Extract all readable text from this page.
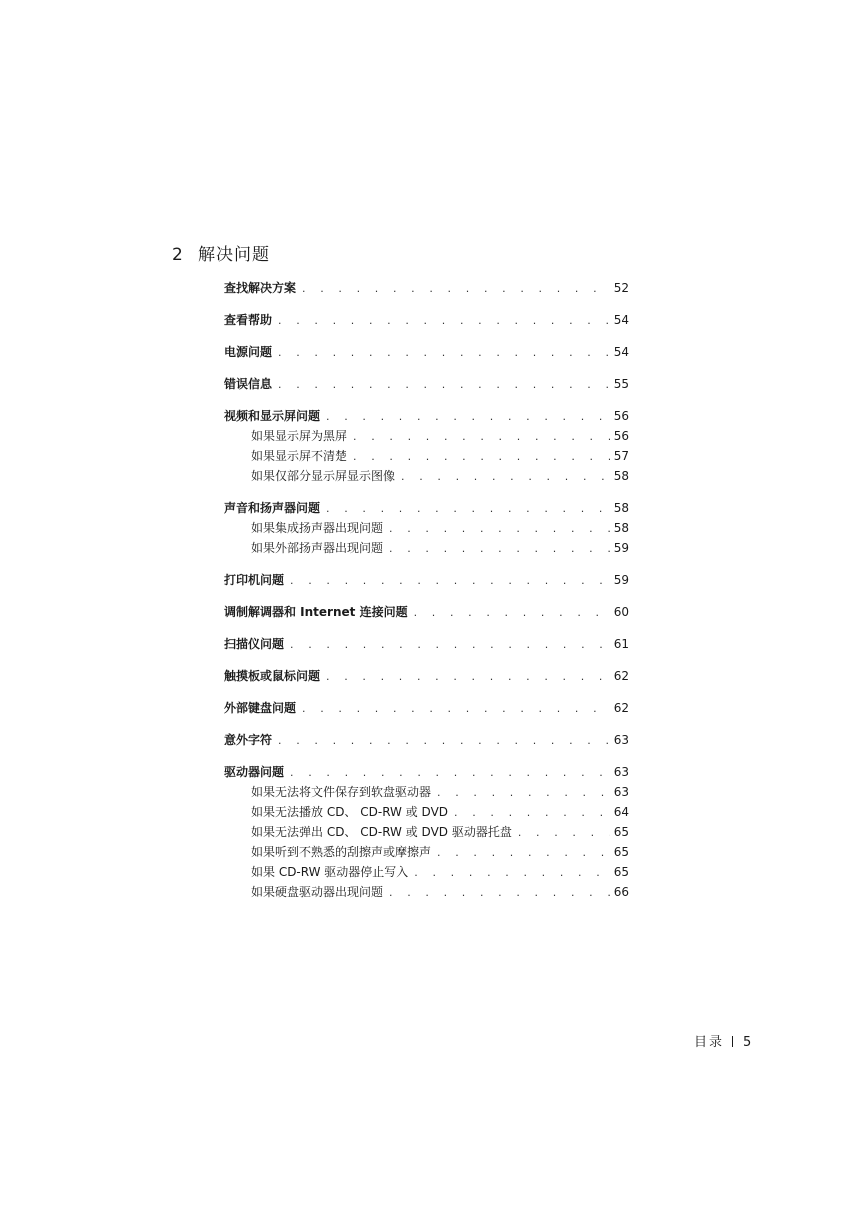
2 解决问题
查找解决方案 . . .	52
查看帮助 . . .	54
电源问题 . . .	54
错误信息 . . .	55
视频和显示屏问题 . . .	56
如果显示屏为黑屏 . . .	56
如果显示屏不清楚 . . .	57
如果仅部分显示屏显示图像 . . .	58
声音和扬声器问题 . . .	58
如果集成扬声器出现问题 . . .	58
如果外部扬声器出现问题 . . .	59
打印机问题 . . .	59
调制解调器和 Internet 连接问题 . . .	60
扫描仪问题 . . .	61
触摸板或鼠标问题 . . .	62
外部键盘问题 . . .	62
意外字符 . . .	63
驱动器问题 . . .	63
如果无法将文件保存到软盘驱动器 . . .	63
如果无法播放 CD、 CD-RW 或 DVD . . .	64
如果无法弹出 CD、 CD-RW 或 DVD 驱动器托盘 . . .	65
如果听到不熟悉的刮擦声或摩擦声 . . .	65
如果 CD-RW 驱动器停止写入 . . .	65
如果硬盘驱动器出现问题 . . .	66
目录 5
